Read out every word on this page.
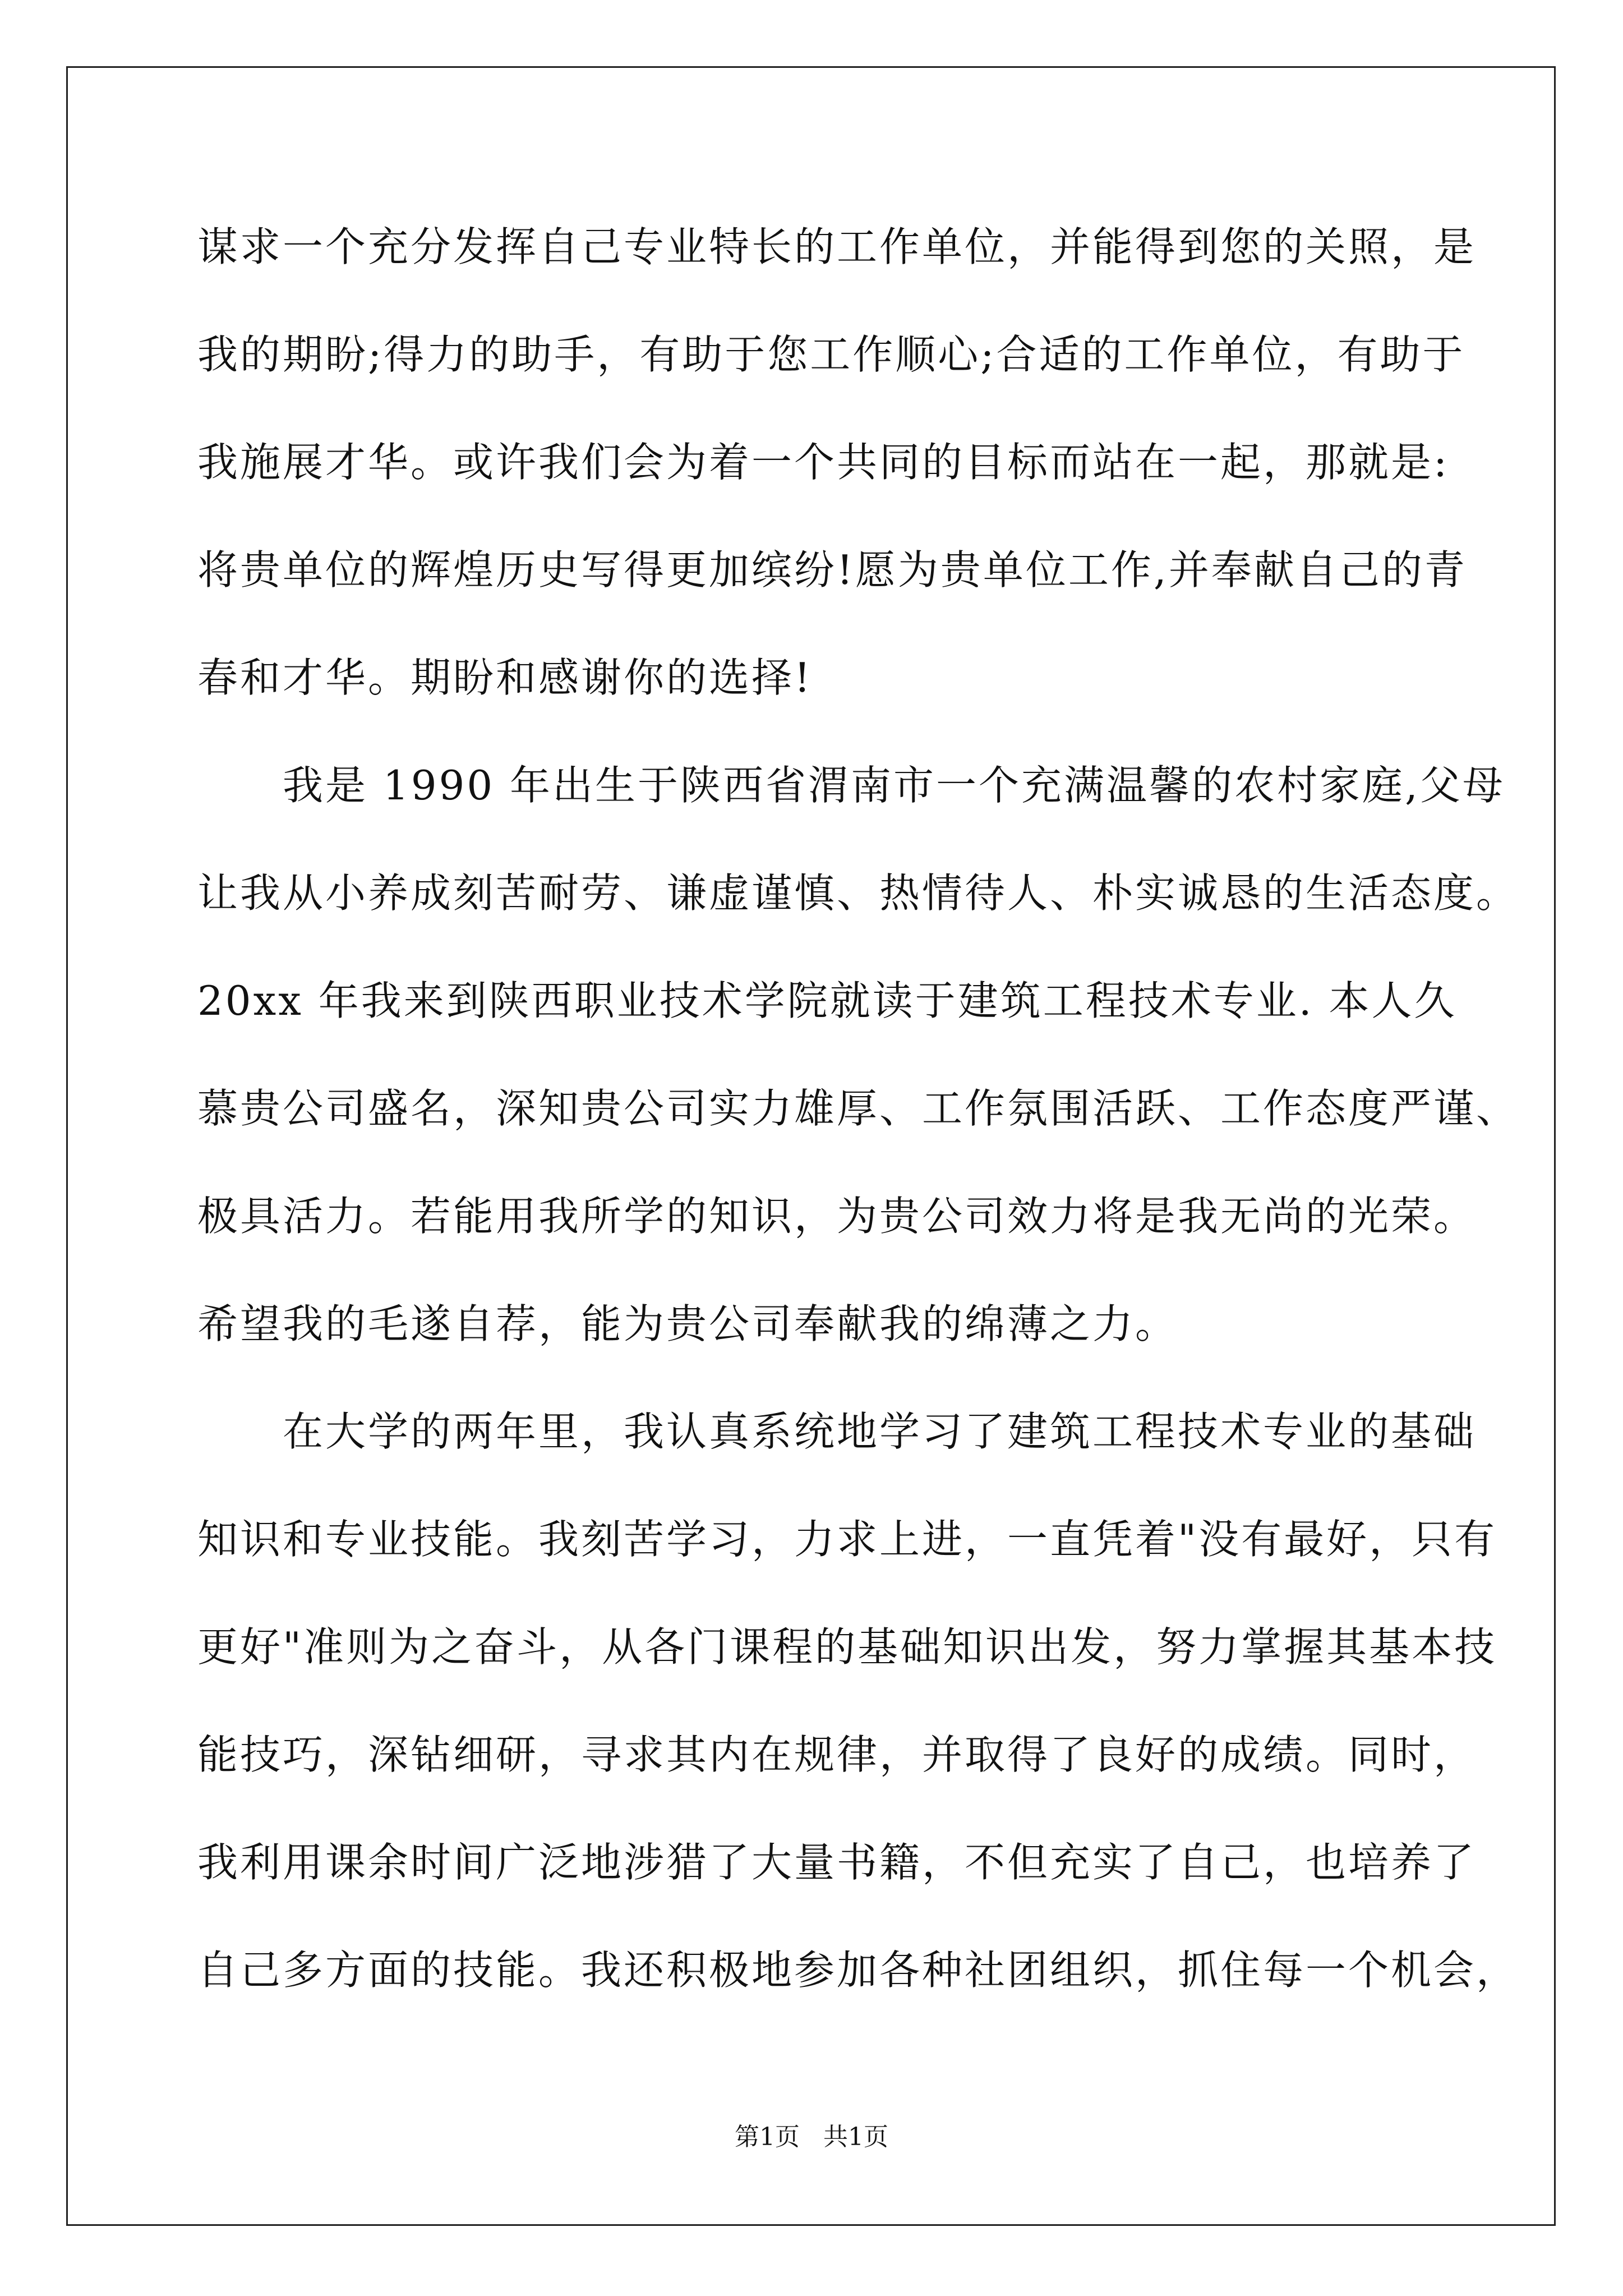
谋求一个充分发挥自己专业特长的工作单位，并能得到您的关照，是
我的期盼;得力的助手，有助于您工作顺心;合适的工作单位，有助于
我施展才华。或许我们会为着一个共同的目标而站在一起，那就是:
将贵单位的辉煌历史写得更加缤纷!愿为贵单位工作,并奉献自己的青
春和才华。期盼和感谢你的选择!
　　我是 1990 年出生于陕西省渭南市一个充满温馨的农村家庭,父母
让我从小养成刻苦耐劳、谦虚谨慎、热情待人、朴实诚恳的生活态度。
20xx 年我来到陕西职业技术学院就读于建筑工程技术专业. 本人久
慕贵公司盛名，深知贵公司实力雄厚、工作氛围活跃、工作态度严谨、
极具活力。若能用我所学的知识，为贵公司效力将是我无尚的光荣。
希望我的毛遂自荐，能为贵公司奉献我的绵薄之力。
　　在大学的两年里，我认真系统地学习了建筑工程技术专业的基础
知识和专业技能。我刻苦学习，力求上进，一直凭着"没有最好，只有
更好"准则为之奋斗，从各门课程的基础知识出发，努力掌握其基本技
能技巧，深钻细研，寻求其内在规律，并取得了良好的成绩。同时，
我利用课余时间广泛地涉猎了大量书籍，不但充实了自己，也培养了
自己多方面的技能。我还积极地参加各种社团组织，抓住每一个机会，
第1页 共1页
